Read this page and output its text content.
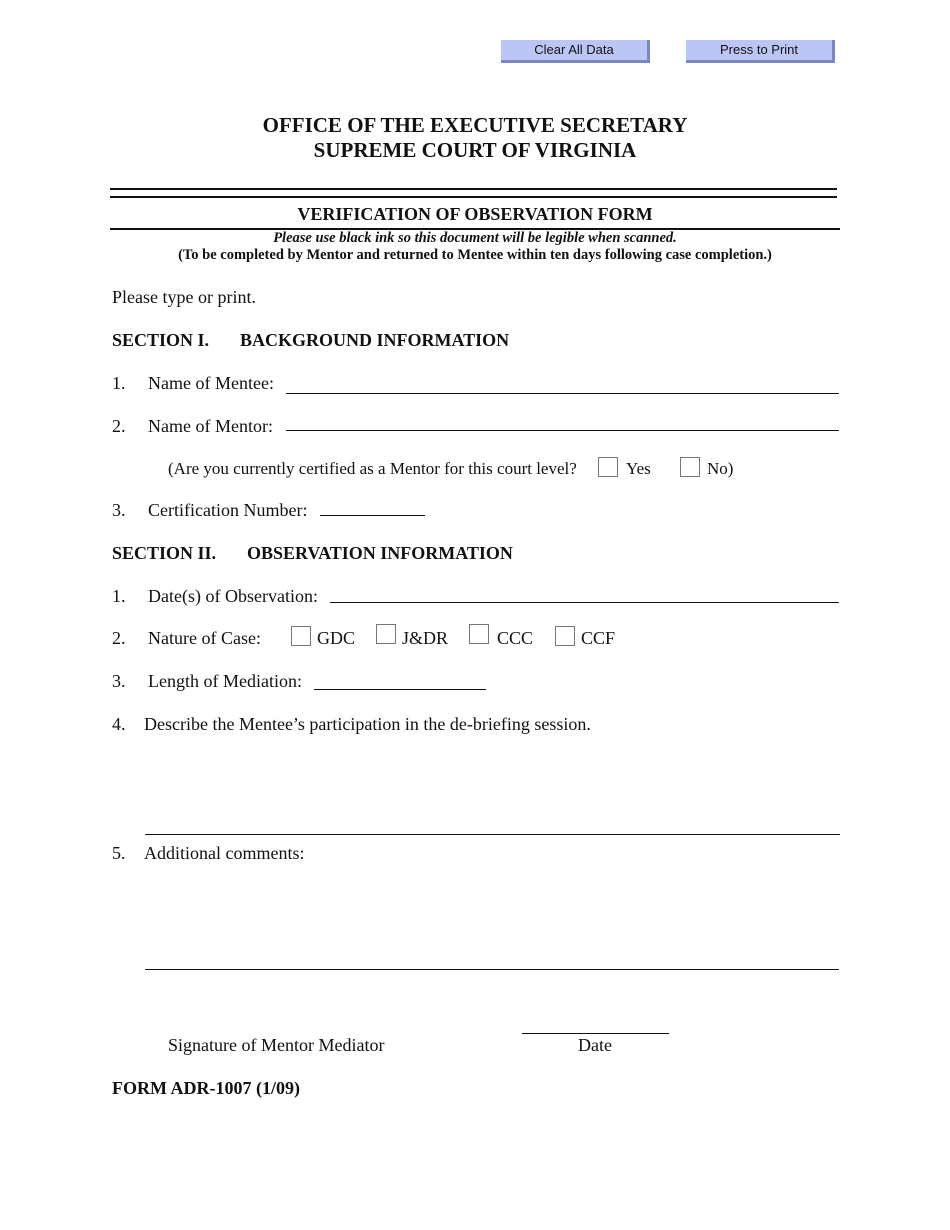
Clear All Data	Press to Print
OFFICE OF THE EXECUTIVE SECRETARY
SUPREME COURT OF VIRGINIA
VERIFICATION OF OBSERVATION FORM
Please use black ink so this document will be legible when scanned.
(To be completed by Mentor and returned to Mentee within ten days following case completion.)
Please type or print.
SECTION I. BACKGROUND INFORMATION
1. Name of Mentee:
2. Name of Mentor:
(Are you currently certified as a Mentor for this court level?	Yes	No)
3. Certification Number:
SECTION II. OBSERVATION INFORMATION
1. Date(s) of Observation:
2. Nature of Case:	GDC	J&DR	CCC	CCF
3. Length of Mediation:
4. Describe the Mentee’s participation in the de-briefing session.
5. Additional comments:
Signature of Mentor Mediator	Date
FORM ADR-1007 (1/09)
